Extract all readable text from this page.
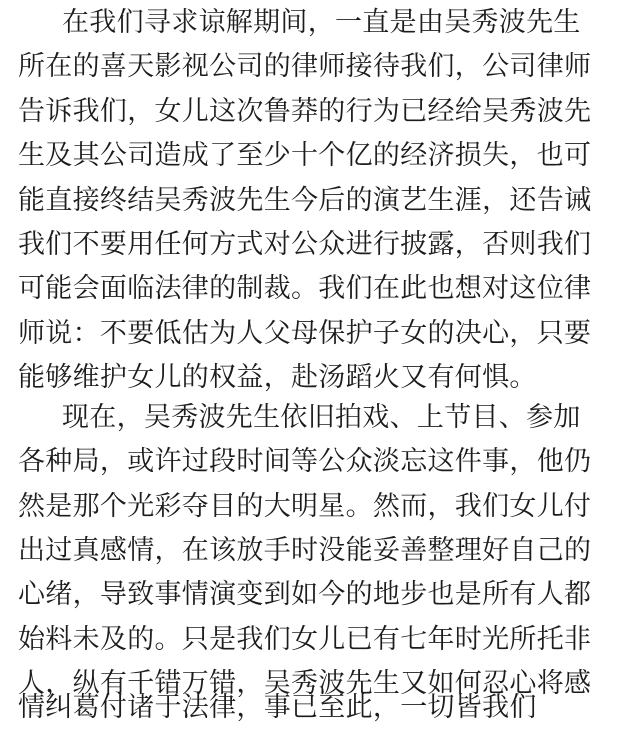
在我们寻求谅解期间，一直是由吴秀波先生
所在的喜天影视公司的律师接待我们，公司律师
告诉我们，女儿这次鲁莽的行为已经给吴秀波先
生及其公司造成了至少十个亿的经济损失，也可
能直接终结吴秀波先生今后的演艺生涯，还告诫
我们不要用任何方式对公众进行披露，否则我们
可能会面临法律的制裁。我们在此也想对这位律
师说：不要低估为人父母保护子女的决心，只要
能够维护女儿的权益，赴汤蹈火又有何惧。
现在，吴秀波先生依旧拍戏、上节目、参加
各种局，或许过段时间等公众淡忘这件事，他仍
然是那个光彩夺目的大明星。然而，我们女儿付
出过真感情，在该放手时没能妥善整理好自己的
心绪，导致事情演变到如今的地步也是所有人都
始料未及的。只是我们女儿已有七年时光所托非
人，纵有千错万错，吴秀波先生又如何忍心将感
情纠葛付诸于法律，事已至此，一切皆我们
